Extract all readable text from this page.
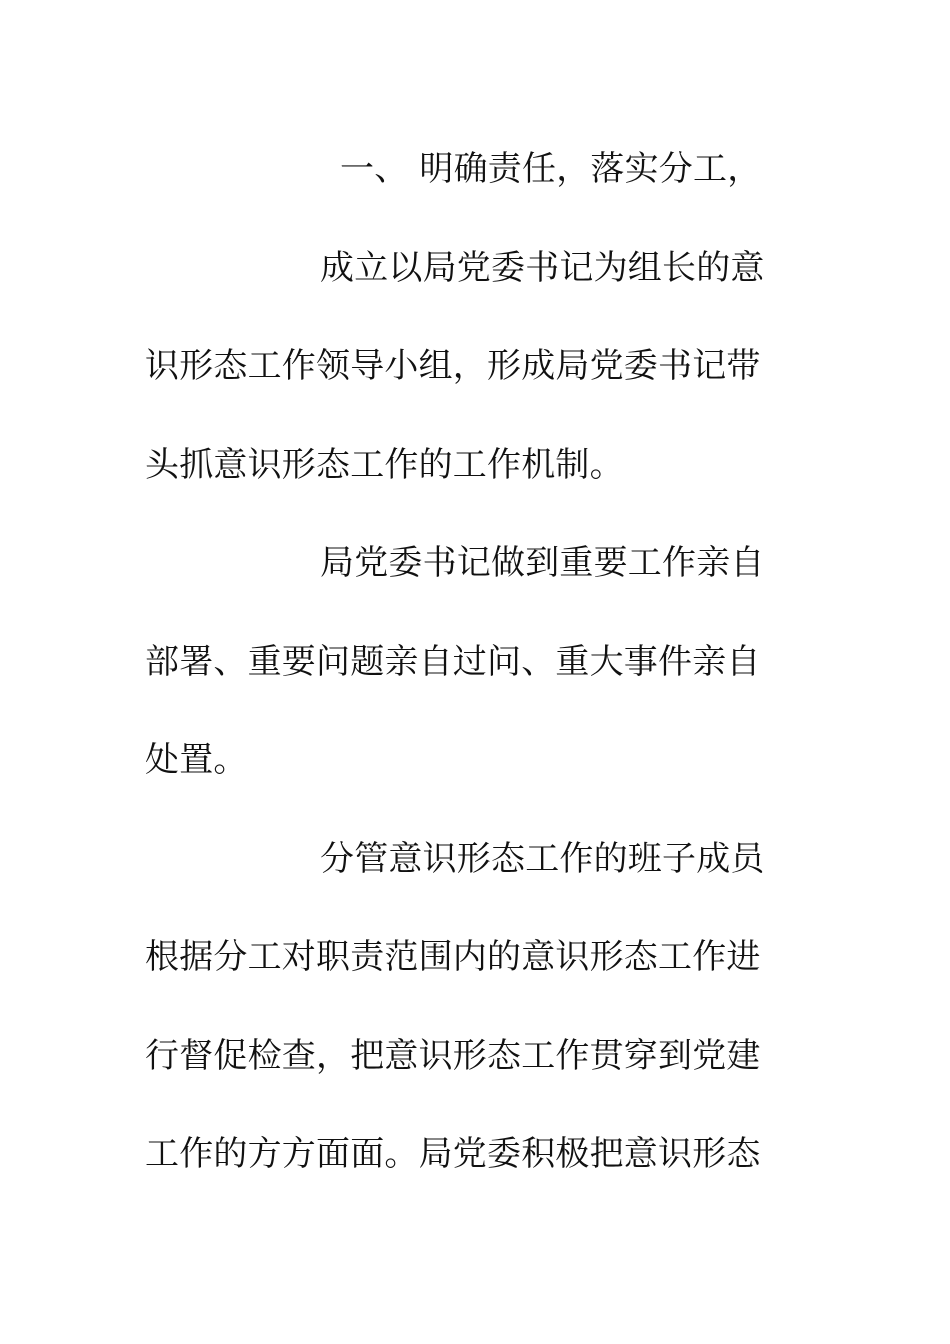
一、 明确责任，落实分工，
成立以局党委书记为组长的意
识形态工作领导小组，形成局党委书记带
头抓意识形态工作的工作机制。
局党委书记做到重要工作亲自
部署、重要问题亲自过问、重大事件亲自
处置。
分管意识形态工作的班子成员
根据分工对职责范围内的意识形态工作进
行督促检查，把意识形态工作贯穿到党建
工作的方方面面。局党委积极把意识形态
